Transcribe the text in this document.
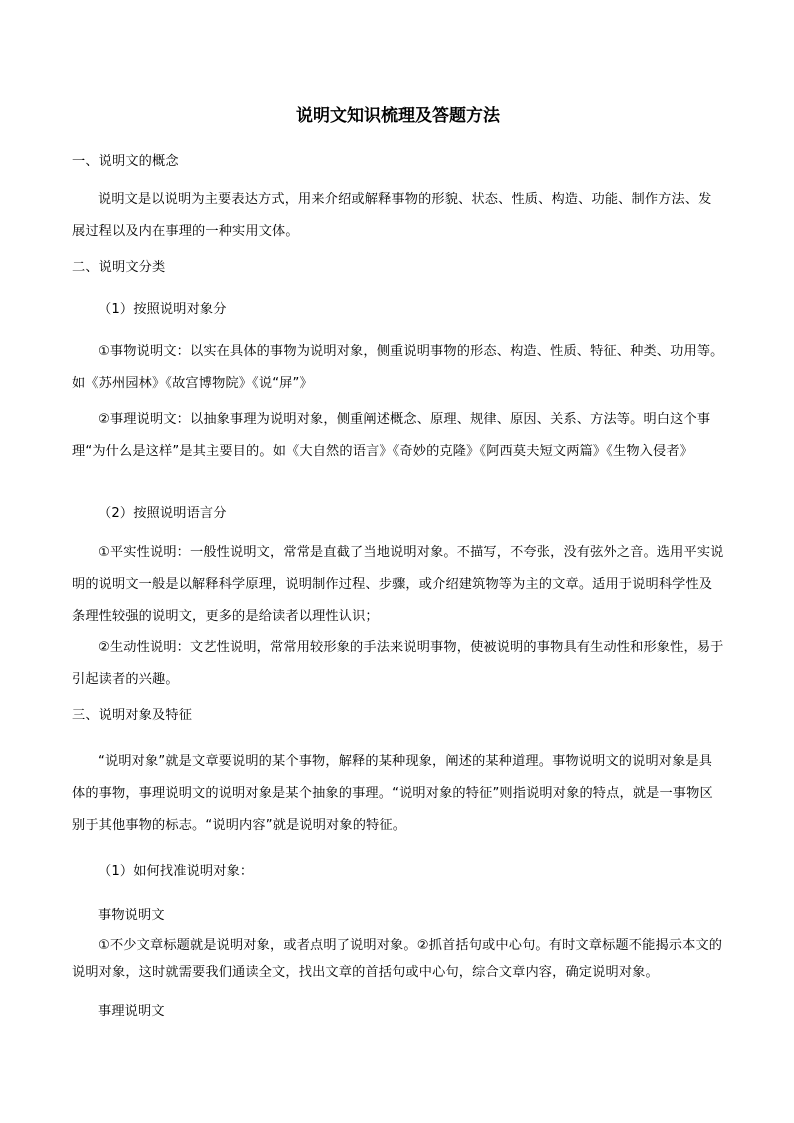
说明文知识梳理及答题方法

一、说明文的概念

说明文是以说明为主要表达方式，用来介绍或解释事物的形貌、状态、性质、构造、功能、制作方法、发展过程以及内在事理的一种实用文体。

二、说明文分类

（1）按照说明对象分

①事物说明文：以实在具体的事物为说明对象，侧重说明事物的形态、构造、性质、特征、种类、功用等。如《苏州园林》《故宫博物院》《说“屏”》

②事理说明文：以抽象事理为说明对象，侧重阐述概念、原理、规律、原因、关系、方法等。明白这个事理“为什么是这样”是其主要目的。如《大自然的语言》《奇妙的克隆》《阿西莫夫短文两篇》《生物入侵者》

（2）按照说明语言分

①平实性说明：一般性说明文，常常是直截了当地说明对象。不描写，不夸张，没有弦外之音。选用平实说明的说明文一般是以解释科学原理，说明制作过程、步骤，或介绍建筑物等为主的文章。适用于说明科学性及条理性较强的说明文，更多的是给读者以理性认识；

②生动性说明：文艺性说明，常常用较形象的手法来说明事物，使被说明的事物具有生动性和形象性，易于引起读者的兴趣。

三、说明对象及特征

“说明对象”就是文章要说明的某个事物，解释的某种现象，阐述的某种道理。事物说明文的说明对象是具体的事物，事理说明文的说明对象是某个抽象的事理。“说明对象的特征”则指说明对象的特点，就是一事物区别于其他事物的标志。“说明内容”就是说明对象的特征。

（1）如何找准说明对象：

事物说明文

①不少文章标题就是说明对象，或者点明了说明对象。②抓首括句或中心句。有时文章标题不能揭示本文的说明对象，这时就需要我们通读全文，找出文章的首括句或中心句，综合文章内容，确定说明对象。

事理说明文
